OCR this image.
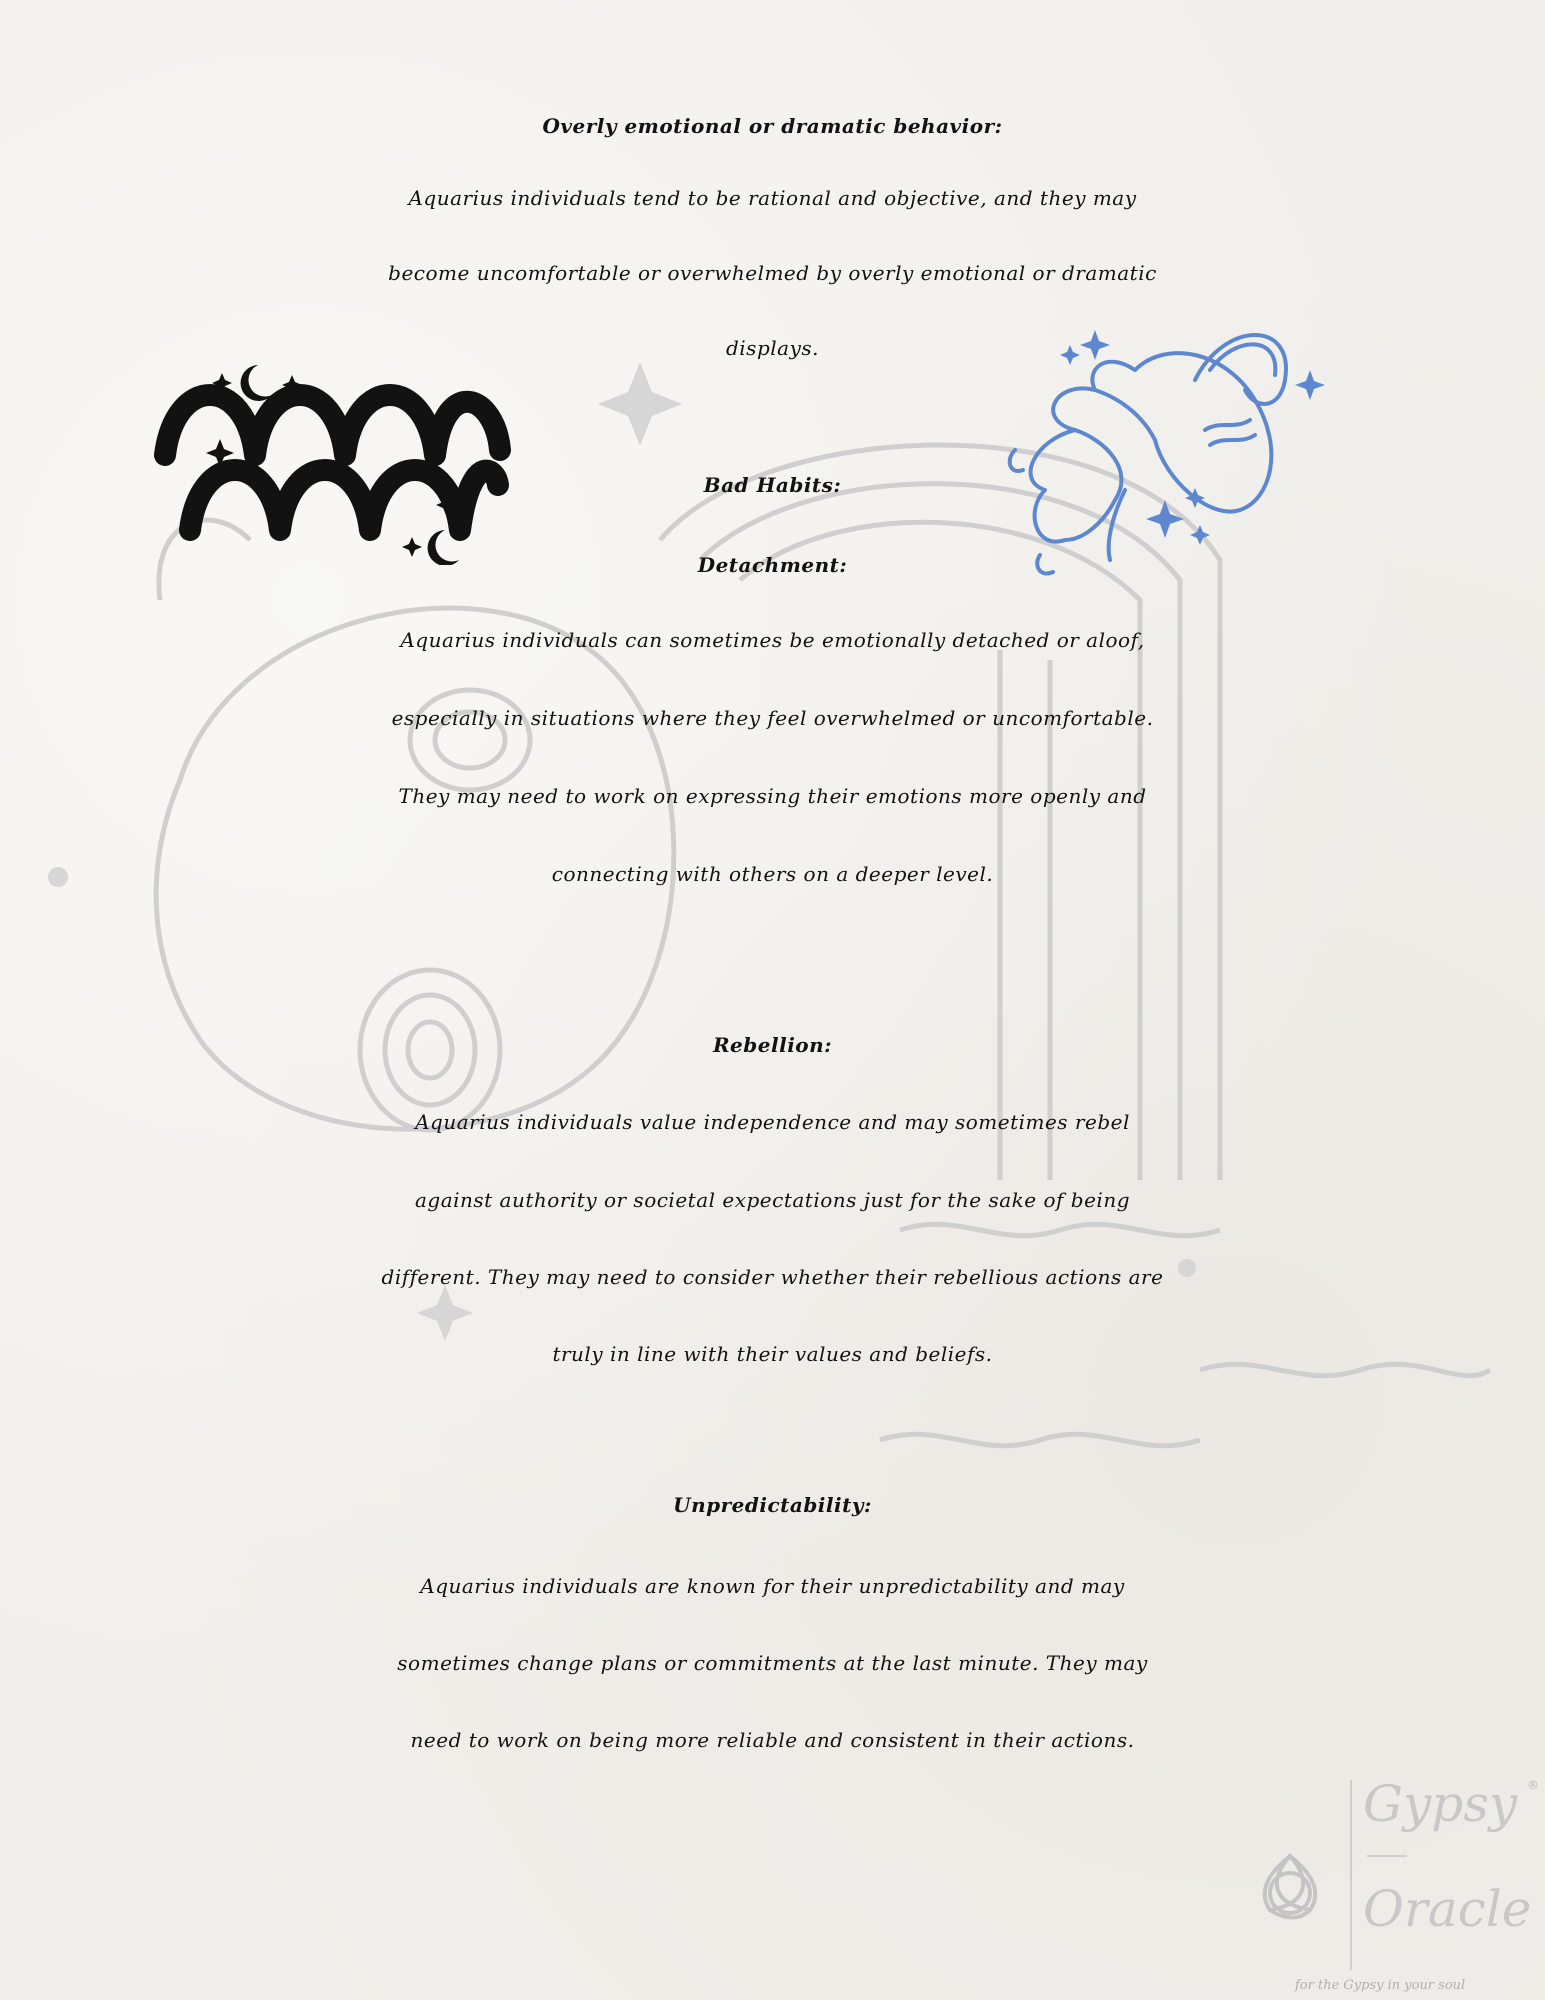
Overly emotional or dramatic behavior:
Aquarius individuals tend to be rational and objective, and they may
become uncomfortable or overwhelmed by overly emotional or dramatic
displays.
Bad Habits:
Detachment:
Aquarius individuals can sometimes be emotionally detached or aloof,
especially in situations where they feel overwhelmed or uncomfortable.
They may need to work on expressing their emotions more openly and
connecting with others on a deeper level.
Rebellion:
Aquarius individuals value independence and may sometimes rebel
against authority or societal expectations just for the sake of being
different. They may need to consider whether their rebellious actions are
truly in line with their values and beliefs.
Unpredictability:
Aquarius individuals are known for their unpredictability and may
sometimes change plans or commitments at the last minute. They may
need to work on being more reliable and consistent in their actions.
Gypsy
Oracle
®
for the Gypsy in your soul
